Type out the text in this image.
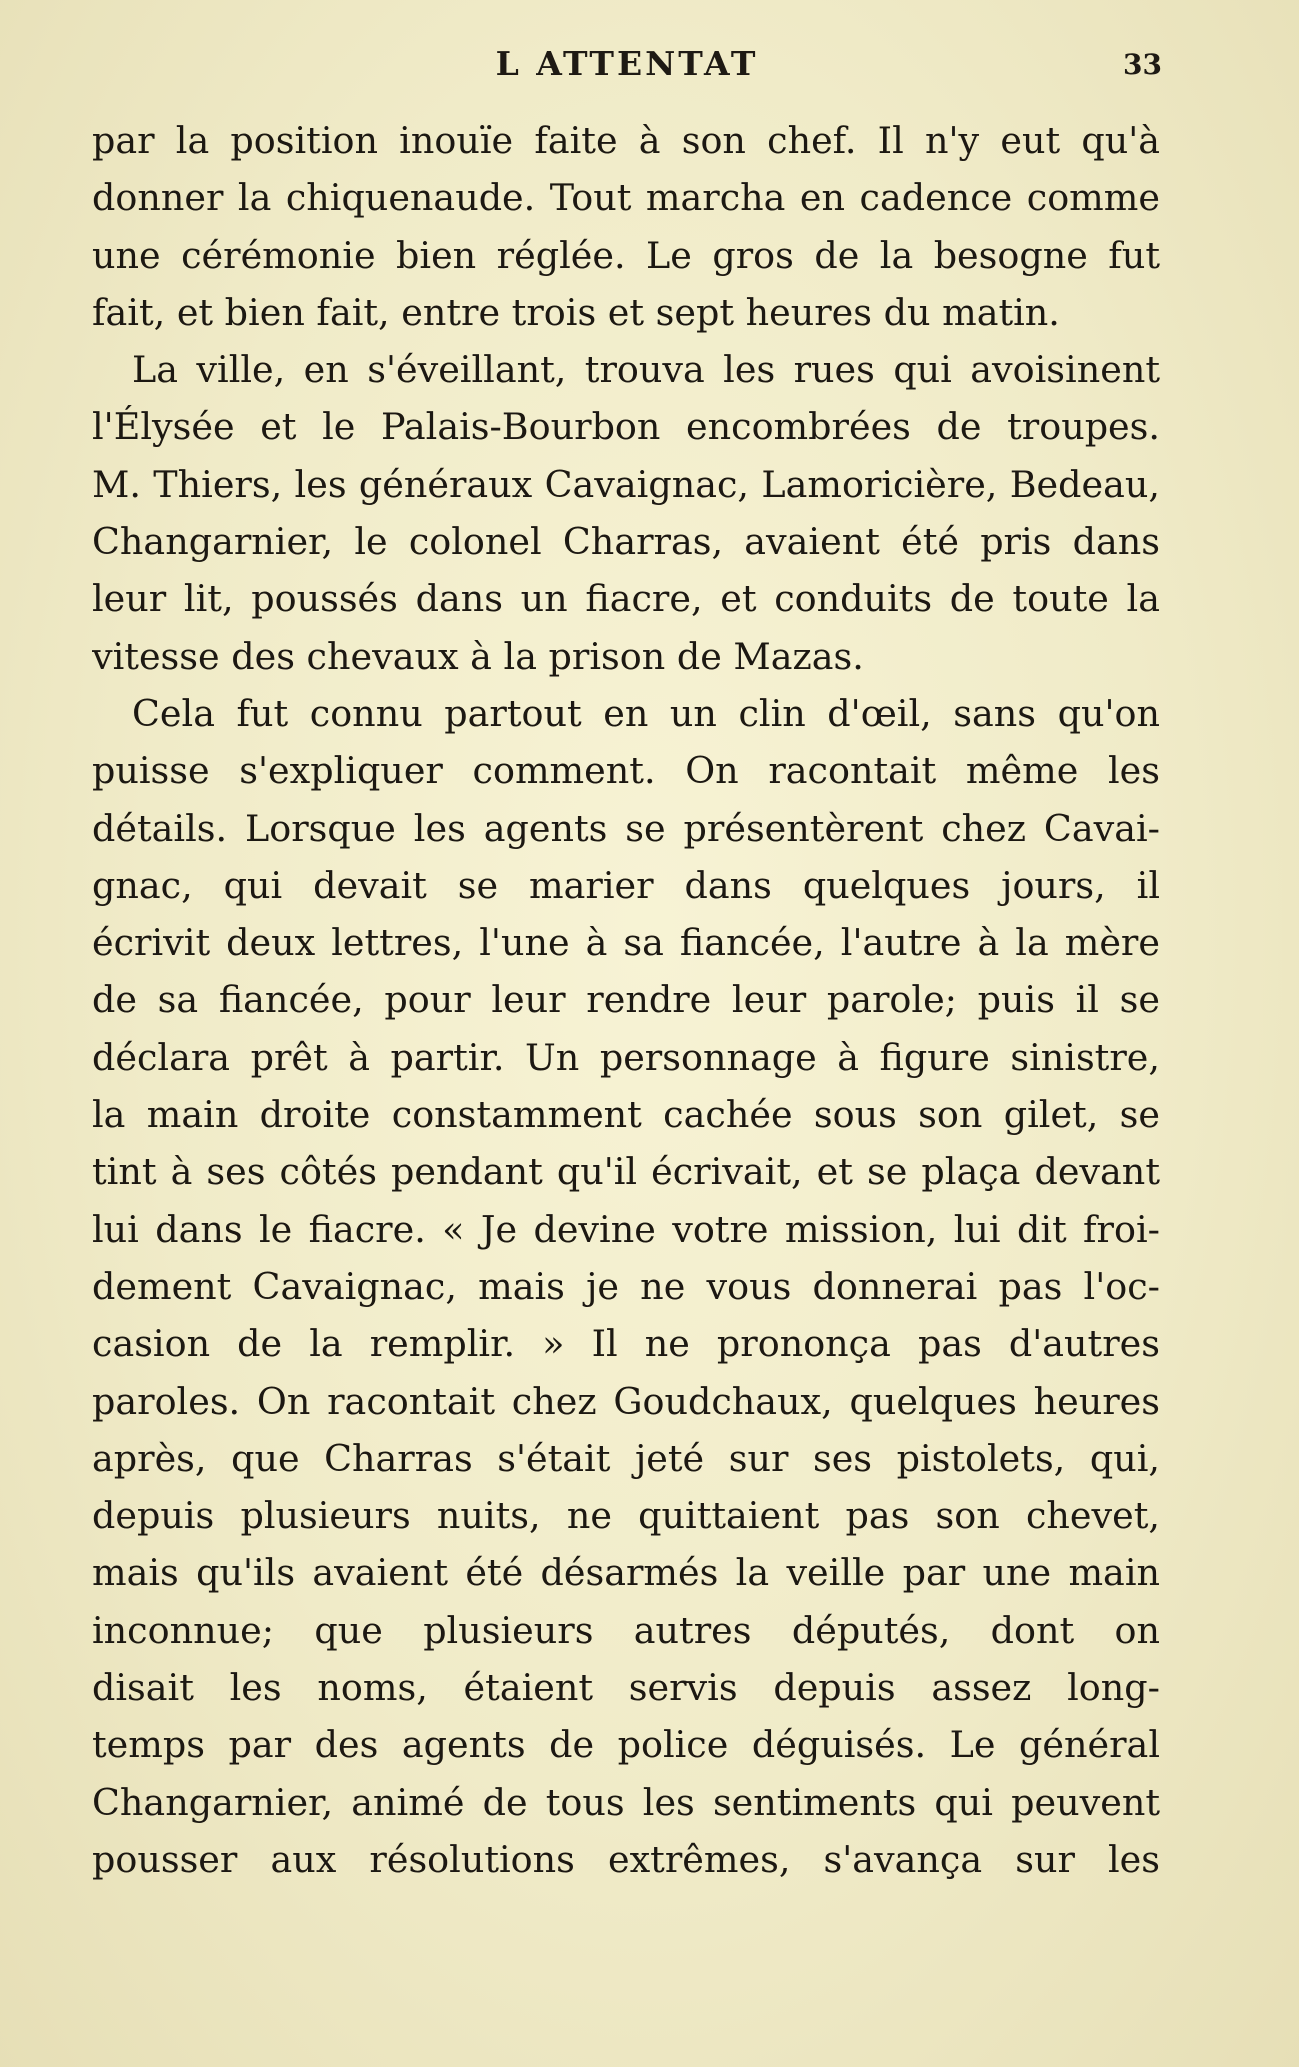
L ATTENTAT	33
par la position inouïe faite à son chef. Il n'y eut qu'à
donner la chiquenaude. Tout marcha en cadence comme
une cérémonie bien réglée. Le gros de la besogne fut
fait, et bien fait, entre trois et sept heures du matin.
La ville, en s'éveillant, trouva les rues qui avoisinent
l'Élysée et le Palais-Bourbon encombrées de troupes.
M. Thiers, les généraux Cavaignac, Lamoricière, Bedeau,
Changarnier, le colonel Charras, avaient été pris dans
leur lit, poussés dans un fiacre, et conduits de toute la
vitesse des chevaux à la prison de Mazas.
Cela fut connu partout en un clin d'œil, sans qu'on
puisse s'expliquer comment. On racontait même les
détails. Lorsque les agents se présentèrent chez Cavai-
gnac, qui devait se marier dans quelques jours, il
écrivit deux lettres, l'une à sa fiancée, l'autre à la mère
de sa fiancée, pour leur rendre leur parole; puis il se
déclara prêt à partir. Un personnage à figure sinistre,
la main droite constamment cachée sous son gilet, se
tint à ses côtés pendant qu'il écrivait, et se plaça devant
lui dans le fiacre. « Je devine votre mission, lui dit froi-
dement Cavaignac, mais je ne vous donnerai pas l'oc-
casion de la remplir. » Il ne prononça pas d'autres
paroles. On racontait chez Goudchaux, quelques heures
après, que Charras s'était jeté sur ses pistolets, qui,
depuis plusieurs nuits, ne quittaient pas son chevet,
mais qu'ils avaient été désarmés la veille par une main
inconnue; que plusieurs autres députés, dont on
disait les noms, étaient servis depuis assez long-
temps par des agents de police déguisés. Le général
Changarnier, animé de tous les sentiments qui peuvent
pousser aux résolutions extrêmes, s'avança sur les
